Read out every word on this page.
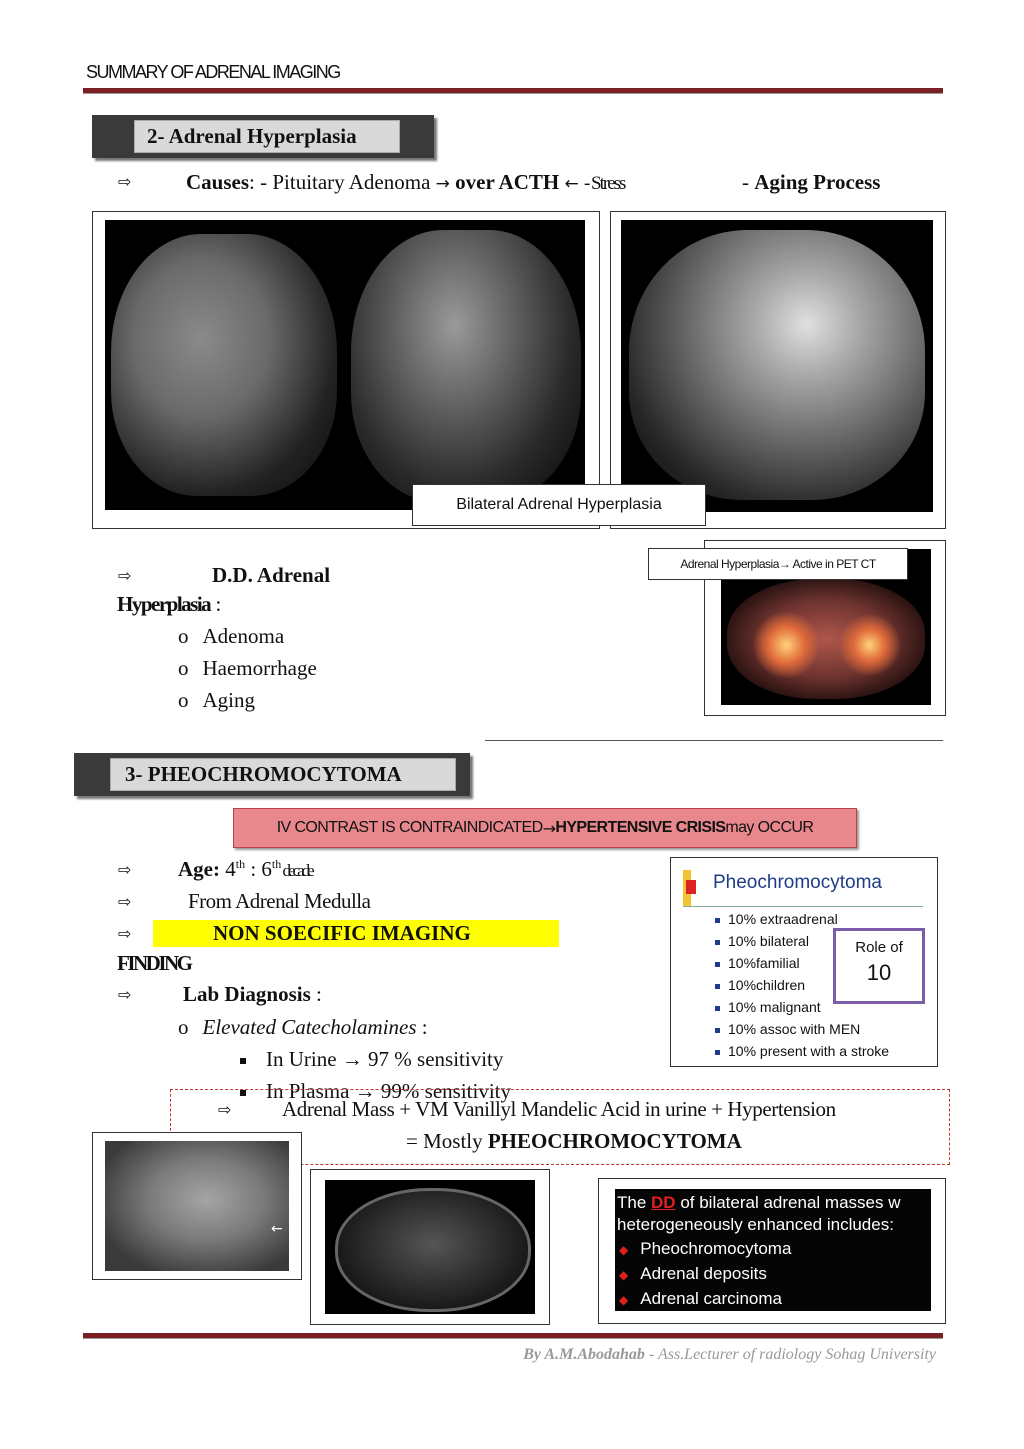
SUMMARY OF ADRENAL IMAGING
2- Adrenal Hyperplasia
⇨	Causes: - Pituitary Adenoma → over ACTH ← - Stress	- Aging Process
Bilateral Adrenal Hyperplasia
Adrenal Hyperplasia→ Active in PET CT
⇨	D.D. Adrenal
Hyperplasia :
o Adenoma
o Haemorrhage
o Aging
3- PHEOCHROMOCYTOMA
IV CONTRAST IS CONTRAINDICATED → HYPERTENSIVE CRISIS may OCCUR
⇨ Age: 4th : 6th decade
⇨	From Adrenal Medulla
⇨	NON SOECIFIC IMAGING
FINDING
⇨ Lab Diagnosis :
o Elevated Catecholamines :
In Urine → 97 % sensitivity
In Plasma → 99% sensitivity
Pheochromocytoma
10% extraadrenal
10% bilateral
10%familial
10%children
10% malignant
10% assoc with MEN
10% present with a stroke
Role of
10
⇨ Adrenal Mass + VM Vanillyl Mandelic Acid in urine + Hypertension
= Mostly PHEOCHROMOCYTOMA
←
The DD of bilateral adrenal masses w
heterogeneously enhanced includes:
◆ Pheochromocytoma
◆ Adrenal deposits
◆ Adrenal carcinoma
By A.M.Abodahab - Ass.Lecturer of radiology Sohag University
